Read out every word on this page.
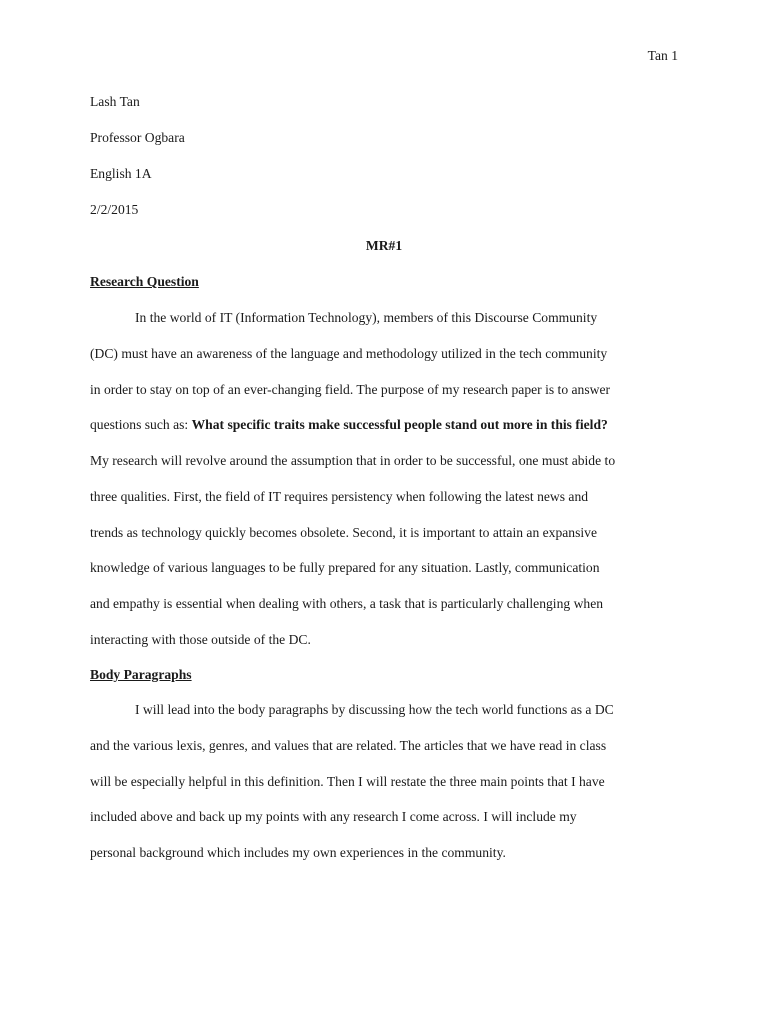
Tan 1
Lash Tan
Professor Ogbara
English 1A
2/2/2015
MR#1
Research Question
In the world of IT (Information Technology), members of this Discourse Community
(DC) must have an awareness of the language and methodology utilized in the tech community
in order to stay on top of an ever-changing field. The purpose of my research paper is to answer
questions such as: What specific traits make successful people stand out more in this field?
My research will revolve around the assumption that in order to be successful, one must abide to
three qualities. First, the field of IT requires persistency when following the latest news and
trends as technology quickly becomes obsolete. Second, it is important to attain an expansive
knowledge of various languages to be fully prepared for any situation. Lastly, communication
and empathy is essential when dealing with others, a task that is particularly challenging when
interacting with those outside of the DC.
Body Paragraphs
I will lead into the body paragraphs by discussing how the tech world functions as a DC
and the various lexis, genres, and values that are related. The articles that we have read in class
will be especially helpful in this definition. Then I will restate the three main points that I have
included above and back up my points with any research I come across. I will include my
personal background which includes my own experiences in the community.
